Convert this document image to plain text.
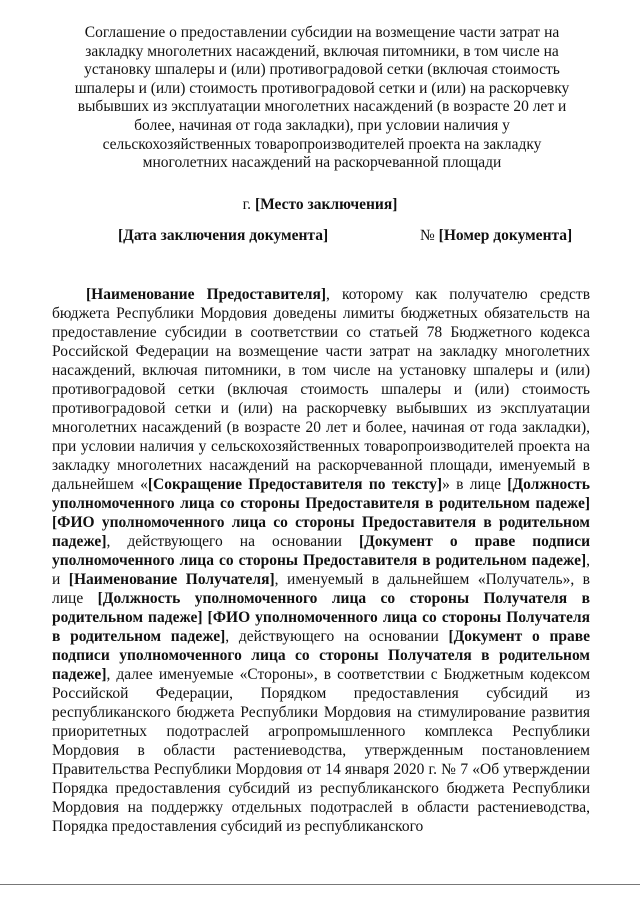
Соглашение о предоставлении субсидии на возмещение части затрат на закладку многолетних насаждений, включая питомники, в том числе на установку шпалеры и (или) противоградовой сетки (включая стоимость шпалеры и (или) стоимость противоградовой сетки и (или) на раскорчевку выбывших из эксплуатации многолетних насаждений (в возрасте 20 лет и более, начиная от года закладки), при условии наличия у сельскохозяйственных товаропроизводителей проекта на закладку многолетних насаждений на раскорчеванной площади
г. [Место заключения]
[Дата заключения документа]	№ [Номер документа]
[Наименование Предоставителя], которому как получателю средств бюджета Республики Мордовия доведены лимиты бюджетных обязательств на предоставление субсидии в соответствии со статьей 78 Бюджетного кодекса Российской Федерации на возмещение части затрат на закладку многолетних насаждений, включая питомники, в том числе на установку шпалеры и (или) противоградовой сетки (включая стоимость шпалеры и (или) стоимость противоградовой сетки и (или) на раскорчевку выбывших из эксплуатации многолетних насаждений (в возрасте 20 лет и более, начиная от года закладки), при условии наличия у сельскохозяйственных товаропроизводителей проекта на закладку многолетних насаждений на раскорчеванной площади, именуемый в дальнейшем «[Сокращение Предоставителя по тексту]» в лице [Должность уполномоченного лица со стороны Предоставителя в родительном падеже] [ФИО уполномоченного лица со стороны Предоставителя в родительном падеже], действующего на основании [Документ о праве подписи уполномоченного лица со стороны Предоставителя в родительном падеже], и [Наименование Получателя], именуемый в дальнейшем «Получатель», в лице [Должность уполномоченного лица со стороны Получателя в родительном падеже] [ФИО уполномоченного лица со стороны Получателя в родительном падеже], действующего на основании [Документ о праве подписи уполномоченного лица со стороны Получателя в родительном падеже], далее именуемые «Стороны», в соответствии с Бюджетным кодексом Российской Федерации, Порядком предоставления субсидий из республиканского бюджета Республики Мордовия на стимулирование развития приоритетных подотраслей агропромышленного комплекса Республики Мордовия в области растениеводства, утвержденным постановлением Правительства Республики Мордовия от 14 января 2020 г. № 7 «Об утверждении Порядка предоставления субсидий из республиканского бюджета Республики Мордовия на поддержку отдельных подотраслей в области растениеводства, Порядка предоставления субсидий из республиканского
